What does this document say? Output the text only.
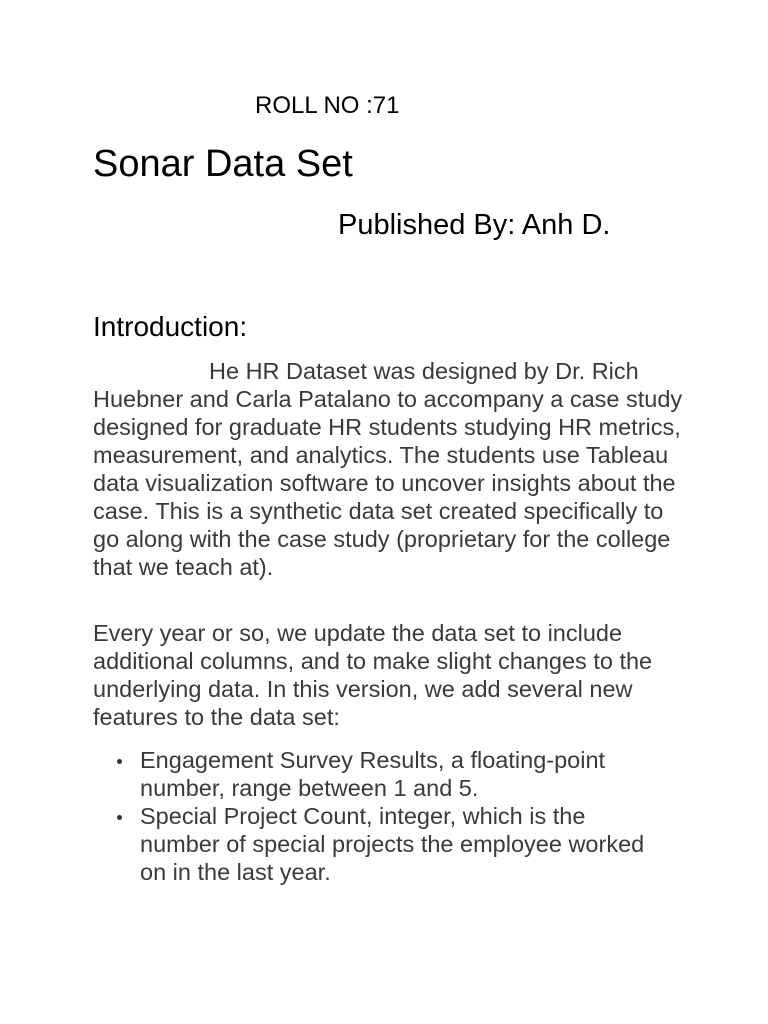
ROLL NO :71
Sonar Data Set
Published By: Anh D.
Introduction:

He HR Dataset was designed by Dr. Rich Huebner and Carla Patalano to accompany a case study designed for graduate HR students studying HR metrics, measurement, and analytics. The students use Tableau data visualization software to uncover insights about the case. This is a synthetic data set created specifically to go along with the case study (proprietary for the college that we teach at).

Every year or so, we update the data set to include additional columns, and to make slight changes to the underlying data. In this version, we add several new features to the data set:

Engagement Survey Results, a floating-point number, range between 1 and 5.
Special Project Count, integer, which is the number of special projects the employee worked on in the last year.
